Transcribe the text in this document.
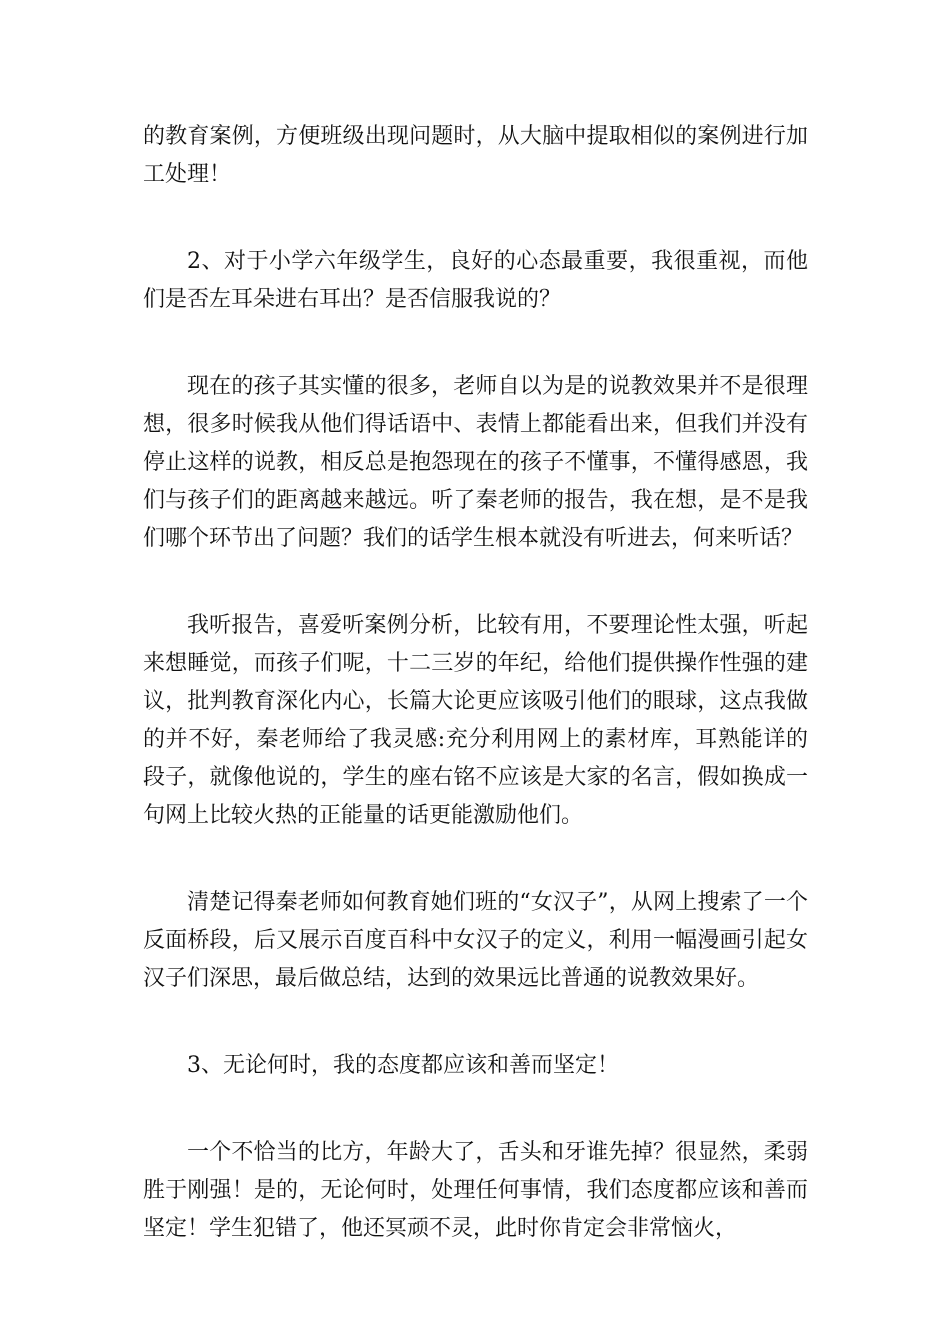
的教育案例，方便班级出现问题时，从大脑中提取相似的案例进行加工处理！

2、对于小学六年级学生，良好的心态最重要，我很重视，而他们是否左耳朵进右耳出？是否信服我说的？

现在的孩子其实懂的很多，老师自以为是的说教效果并不是很理想，很多时候我从他们得话语中、表情上都能看出来，但我们并没有停止这样的说教，相反总是抱怨现在的孩子不懂事，不懂得感恩，我们与孩子们的距离越来越远。听了秦老师的报告，我在想，是不是我们哪个环节出了问题？我们的话学生根本就没有听进去，何来听话？

我听报告，喜爱听案例分析，比较有用，不要理论性太强，听起来想睡觉，而孩子们呢，十二三岁的年纪，给他们提供操作性强的建议，批判教育深化内心，长篇大论更应该吸引他们的眼球，这点我做的并不好，秦老师给了我灵感:充分利用网上的素材库，耳熟能详的段子，就像他说的，学生的座右铭不应该是大家的名言，假如换成一句网上比较火热的正能量的话更能激励他们。

清楚记得秦老师如何教育她们班的“女汉子”，从网上搜索了一个反面桥段，后又展示百度百科中女汉子的定义，利用一幅漫画引起女汉子们深思，最后做总结，达到的效果远比普通的说教效果好。

3、无论何时，我的态度都应该和善而坚定！

一个不恰当的比方，年龄大了，舌头和牙谁先掉？很显然，柔弱胜于刚强！是的，无论何时，处理任何事情，我们态度都应该和善而坚定！学生犯错了，他还冥顽不灵，此时你肯定会非常恼火，
